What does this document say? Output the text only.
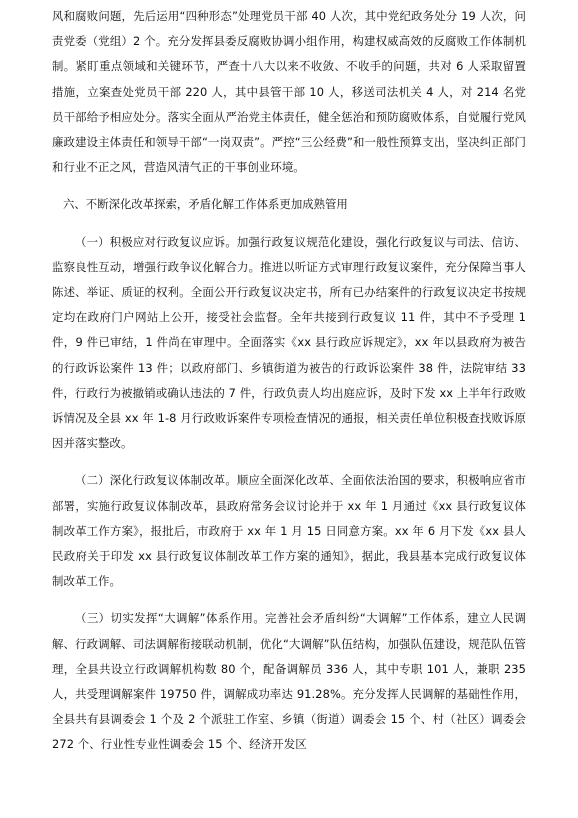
风和腐败问题，先后运用“四种形态”处理党员干部 40 人次，其中党纪政务处分 19 人次，问责党委（党组）2 个。充分发挥县委反腐败协调小组作用，构建权威高效的反腐败工作体制机制。紧盯重点领域和关键环节，严查十八大以来不收敛、不收手的问题，共对 6 人采取留置措施，立案查处党员干部 220 人，其中县管干部 10 人，移送司法机关 4 人，对 214 名党员干部给予相应处分。落实全面从严治党主体责任，健全惩治和预防腐败体系，自觉履行党风廉政建设主体责任和领导干部“一岗双责”。严控“三公经费”和一般性预算支出，坚决纠正部门和行业不正之风，营造风清气正的干事创业环境。

六、不断深化改革探索，矛盾化解工作体系更加成熟管用

（一）积极应对行政复议应诉。加强行政复议规范化建设，强化行政复议与司法、信访、监察良性互动，增强行政争议化解合力。推进以听证方式审理行政复议案件，充分保障当事人陈述、举证、质证的权利。全面公开行政复议决定书，所有已办结案件的行政复议决定书按规定均在政府门户网站上公开，接受社会监督。全年共接到行政复议 11 件，其中不予受理 1 件，9 件已审结，1 件尚在审理中。全面落实《xx 县行政应诉规定》，xx 年以县政府为被告的行政诉讼案件 13 件；以政府部门、乡镇街道为被告的行政诉讼案件 38 件，法院审结 33 件，行政行为被撤销或确认违法的 7 件，行政负责人均出庭应诉，及时下发 xx 上半年行政败诉情况及全县 xx 年 1-8 月行政败诉案件专项检查情况的通报，相关责任单位积极查找败诉原因并落实整改。

（二）深化行政复议体制改革。顺应全面深化改革、全面依法治国的要求，积极响应省市部署，实施行政复议体制改革，县政府常务会议讨论并于 xx 年 1 月通过《xx 县行政复议体制改革工作方案》，报批后，市政府于 xx 年 1 月 15 日同意方案。xx 年 6 月下发《xx 县人民政府关于印发 xx 县行政复议体制改革工作方案的通知》，据此，我县基本完成行政复议体制改革工作。

（三）切实发挥“大调解”体系作用。完善社会矛盾纠纷“大调解”工作体系，建立人民调解、行政调解、司法调解衔接联动机制，优化“大调解”队伍结构，加强队伍建设，规范队伍管理，全县共设立行政调解机构数 80 个，配备调解员 336 人，其中专职 101 人，兼职 235 人，共受理调解案件 19750 件，调解成功率达 91.28%。充分发挥人民调解的基础性作用，全县共有县调委会 1 个及 2 个派驻工作室、乡镇（街道）调委会 15 个、村（社区）调委会 272 个、行业性专业性调委会 15 个、经济开发区
